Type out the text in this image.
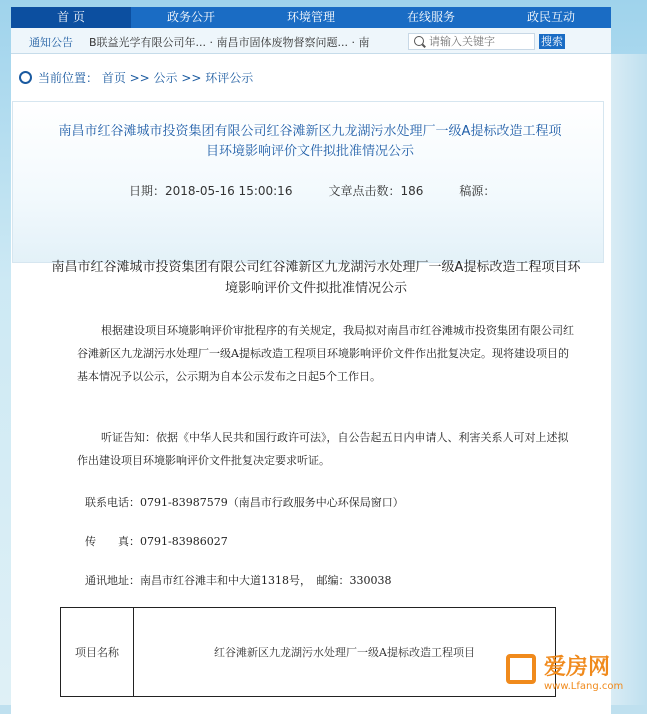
首 页	政务公开	环境管理	在线服务	政民互动
通知公告 B联益光学有限公司年... · 南昌市固体废物督察问题... · 南
请输入关键字	搜索
当前位置： 首页 >> 公示 >> 环评公示
南昌市红谷滩城市投资集团有限公司红谷滩新区九龙湖污水处理厂一级A提标改造工程项目环境影响评价文件拟批准情况公示
日期：2018-05-16 15:00:16	文章点击数：186	稿源：
南昌市红谷滩城市投资集团有限公司红谷滩新区九龙湖污水处理厂一级A提标改造工程项目环境影响评价文件拟批准情况公示
根据建设项目环境影响评价审批程序的有关规定，我局拟对南昌市红谷滩城市投资集团有限公司红谷滩新区九龙湖污水处理厂一级A提标改造工程项目环境影响评价文件作出批复决定。现将建设项目的基本情况予以公示，公示期为自本公示发布之日起5个工作日。
听证告知：依据《中华人民共和国行政许可法》，自公告起五日内申请人、利害关系人可对上述拟作出建设项目环境影响评价文件批复决定要求听证。
联系电话：0791-83987579（南昌市行政服务中心环保局窗口）
传　　真：0791-83986027
通讯地址：南昌市红谷滩丰和中大道1318号，　邮编：330038
项目名称	红谷滩新区九龙湖污水处理厂一级A提标改造工程项目
爱房网
www.Lfang.com
